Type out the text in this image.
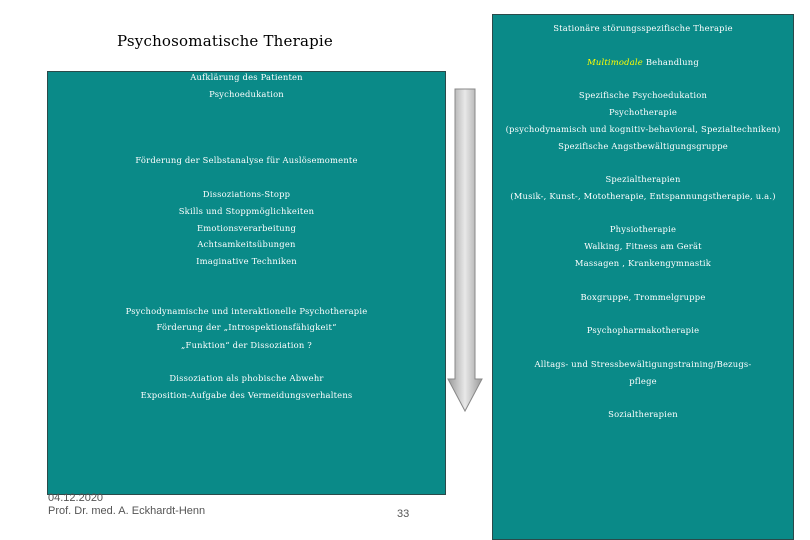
Psychosomatische Therapie
Aufklärung des Patienten
Psychoedukation
Förderung der Selbstanalyse für Auslösemomente
Dissoziations-Stopp
Skills und Stoppmöglichkeiten
Emotionsverarbeitung
Achtsamkeitsübungen
Imaginative Techniken
Psychodynamische und interaktionelle Psychotherapie
Förderung der „Introspektionsfähigkeit“
„Funktion“ der Dissoziation ?
Dissoziation als phobische Abwehr
Exposition-Aufgabe des Vermeidungsverhaltens
Stationäre störungsspezifische Therapie
Multimodale Behandlung
Spezifische Psychoedukation
Psychotherapie
(psychodynamisch und kognitiv-behavioral, Spezialtechniken)
Spezifische Angstbewältigungsgruppe
Spezialtherapien
(Musik-, Kunst-, Mototherapie, Entspannungstherapie, u.a.)
Physiotherapie
Walking, Fitness am Gerät
Massagen , Krankengymnastik
Boxgruppe, Trommelgruppe
Psychopharmakotherapie
Alltags- und Stressbewältigungstraining/Bezugs-
pflege
Sozialtherapien
04.12.2020
Prof. Dr. med. A. Eckhardt-Henn	33
